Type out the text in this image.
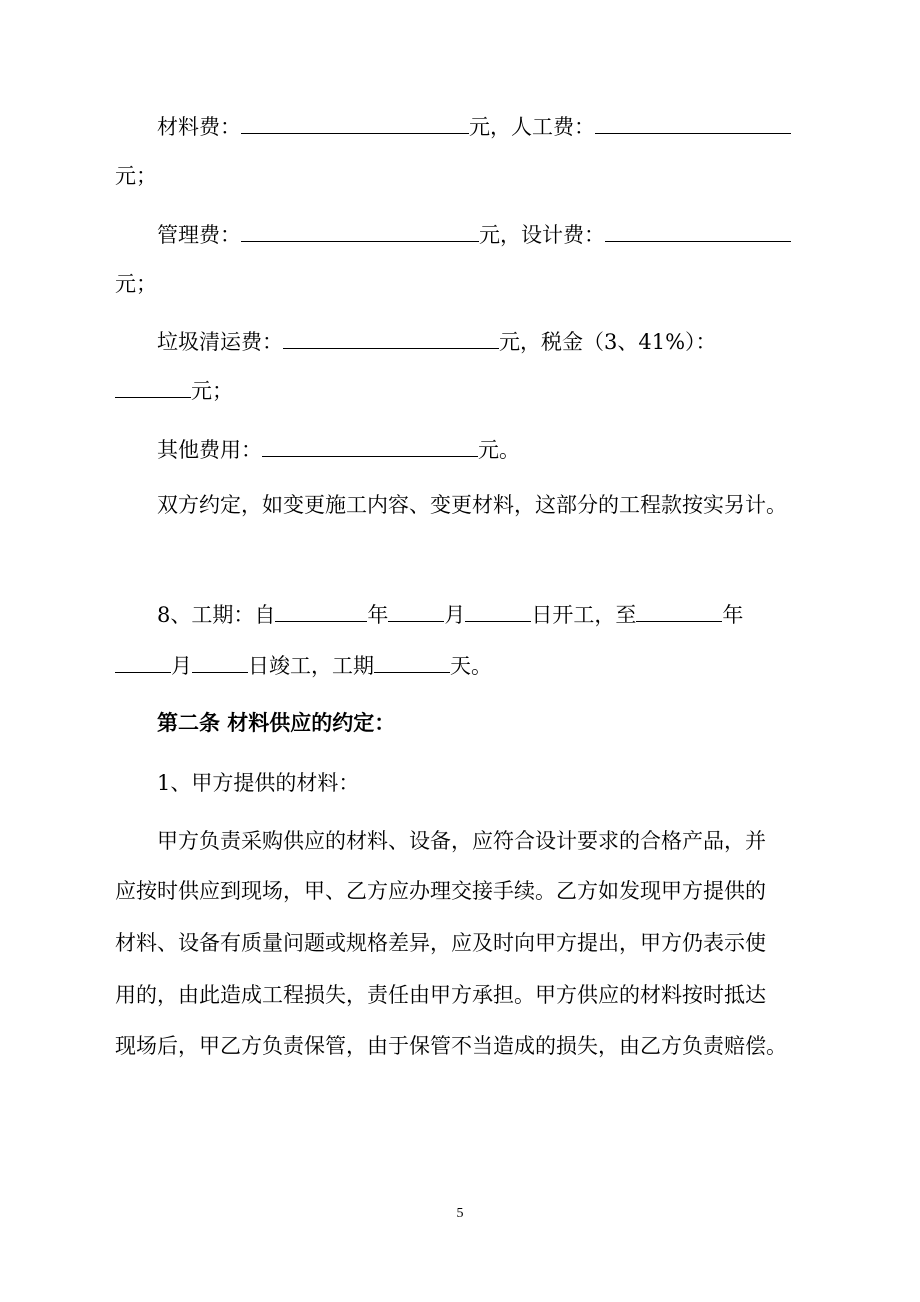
材料费：	元，人工费：
元；
管理费：	元，设计费：
元；
垃圾清运费：	元，税金（3、41%）：
元；
其他费用：	元。
双方约定，如变更施工内容、变更材料，这部分的工程款按实另计。
8、工期：自	年	月	日开工，至	年
月	日竣工，工期	天。
第二条 材料供应的约定：
1、甲方提供的材料：
甲方负责采购供应的材料、设备，应符合设计要求的合格产品，并
应按时供应到现场，甲、乙方应办理交接手续。乙方如发现甲方提供的
材料、设备有质量问题或规格差异，应及时向甲方提出，甲方仍表示使
用的，由此造成工程损失，责任由甲方承担。甲方供应的材料按时抵达
现场后，甲乙方负责保管，由于保管不当造成的损失，由乙方负责赔偿。
5
